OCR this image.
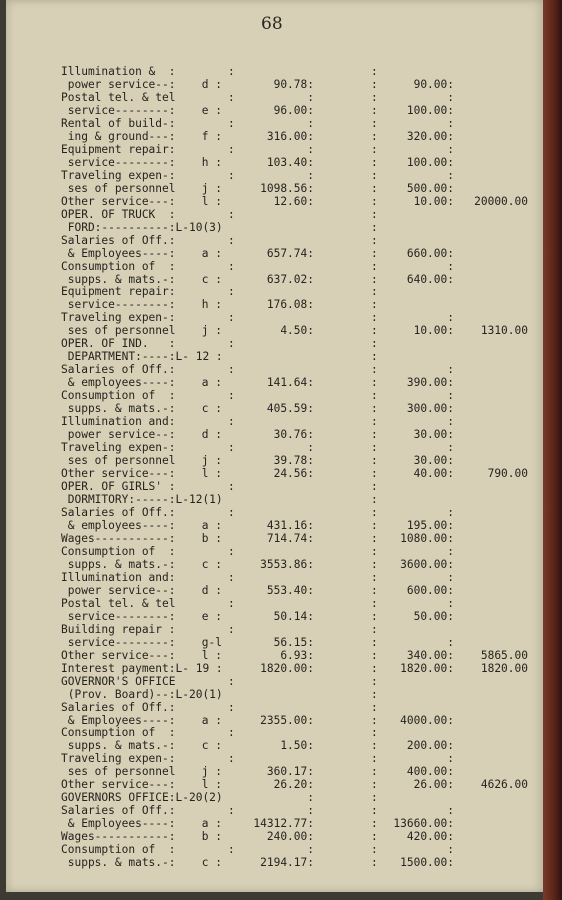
68
Illumination &  :	:	:
power service--:	d :	90.78:	:	90.00:
Postal tel. & tel	:	:	:	:
service--------:	e :	96.00:	:	100.00:
Rental of build-:	:	:	:	:
ing & ground---:	f :	316.00:	:	320.00:
Equipment repair:	:	:	:	:
service--------:	h :	103.40:	:	100.00:
Traveling expen-:	:	:	:	:
ses of personnel	j :	1098.56:	:	500.00:
Other service---:	l :	12.60:	:	10.00:	20000.00
OPER. OF TRUCK  :	:	:
FORD:----------:L-10(3)	:
Salaries of Off.:	:	:
& Employees----:	a :	657.74:	:	660.00:
Consumption of  :	:	:	:
supps. & mats.-:	c :	637.02:	:	640.00:
Equipment repair:	:	:
service--------:	h :	176.08:	:
Traveling expen-:	:	:	:
ses of personnel	j :	4.50:	:	10.00:	1310.00
OPER. OF IND.   :	:	:
DEPARTMENT:----:L- 12 :	:
Salaries of Off.:	:	:	:
& employees----:	a :	141.64:	:	390.00:
Consumption of  :	:	:	:
supps. & mats.-:	c :	405.59:	:	300.00:
Illumination and:	:	:	:
power service--:	d :	30.76:	:	30.00:
Traveling expen-:	:	:	:	:
ses of personnel	j :	39.78:	:	30.00:
Other service---:	l :	24.56:	:	40.00:	790.00
OPER. OF GIRLS' :	:	:
DORMITORY:-----:L-12(1)	:
Salaries of Off.:	:	:	:
& employees----:	a :	431.16:	:	195.00:
Wages-----------:	b :	714.74:	:	1080.00:
Consumption of  :	:	:	:
supps. & mats.-:	c :	3553.86:	:	3600.00:
Illumination and:	:	:	:
power service--:	d :	553.40:	:	600.00:
Postal tel. & tel	:	:	:
service--------:	e :	50.14:	:	50.00:
Building repair :	:	:
service--------:	g-l	56.15:	:	:
Other service---:	l :	6.93:	:	340.00:	5865.00
Interest payment:L- 19 :	1820.00:	:	1820.00:	1820.00
GOVERNOR'S OFFICE	:	:
(Prov. Board)--:L-20(1)	:
Salaries of Off.:	:	:
& Employees----:	a :	2355.00:	:	4000.00:
Consumption of  :	:	:
supps. & mats.-:	c :	1.50:	:	200.00:
Traveling expen-:	:	:	:
ses of personnel	j :	360.17:	:	400.00:
Other service---:	l :	26.20:	:	26.00:	4626.00
GOVERNORS OFFICE:L-20(2)	:	:
Salaries of Off.:	:	:	:	:
& Employees----:	a :	14312.77:	:	13660.00:
Wages-----------:	b :	240.00:	:	420.00:
Consumption of  :	:	:	:	:
supps. & mats.-:	c :	2194.17:	:	1500.00:
